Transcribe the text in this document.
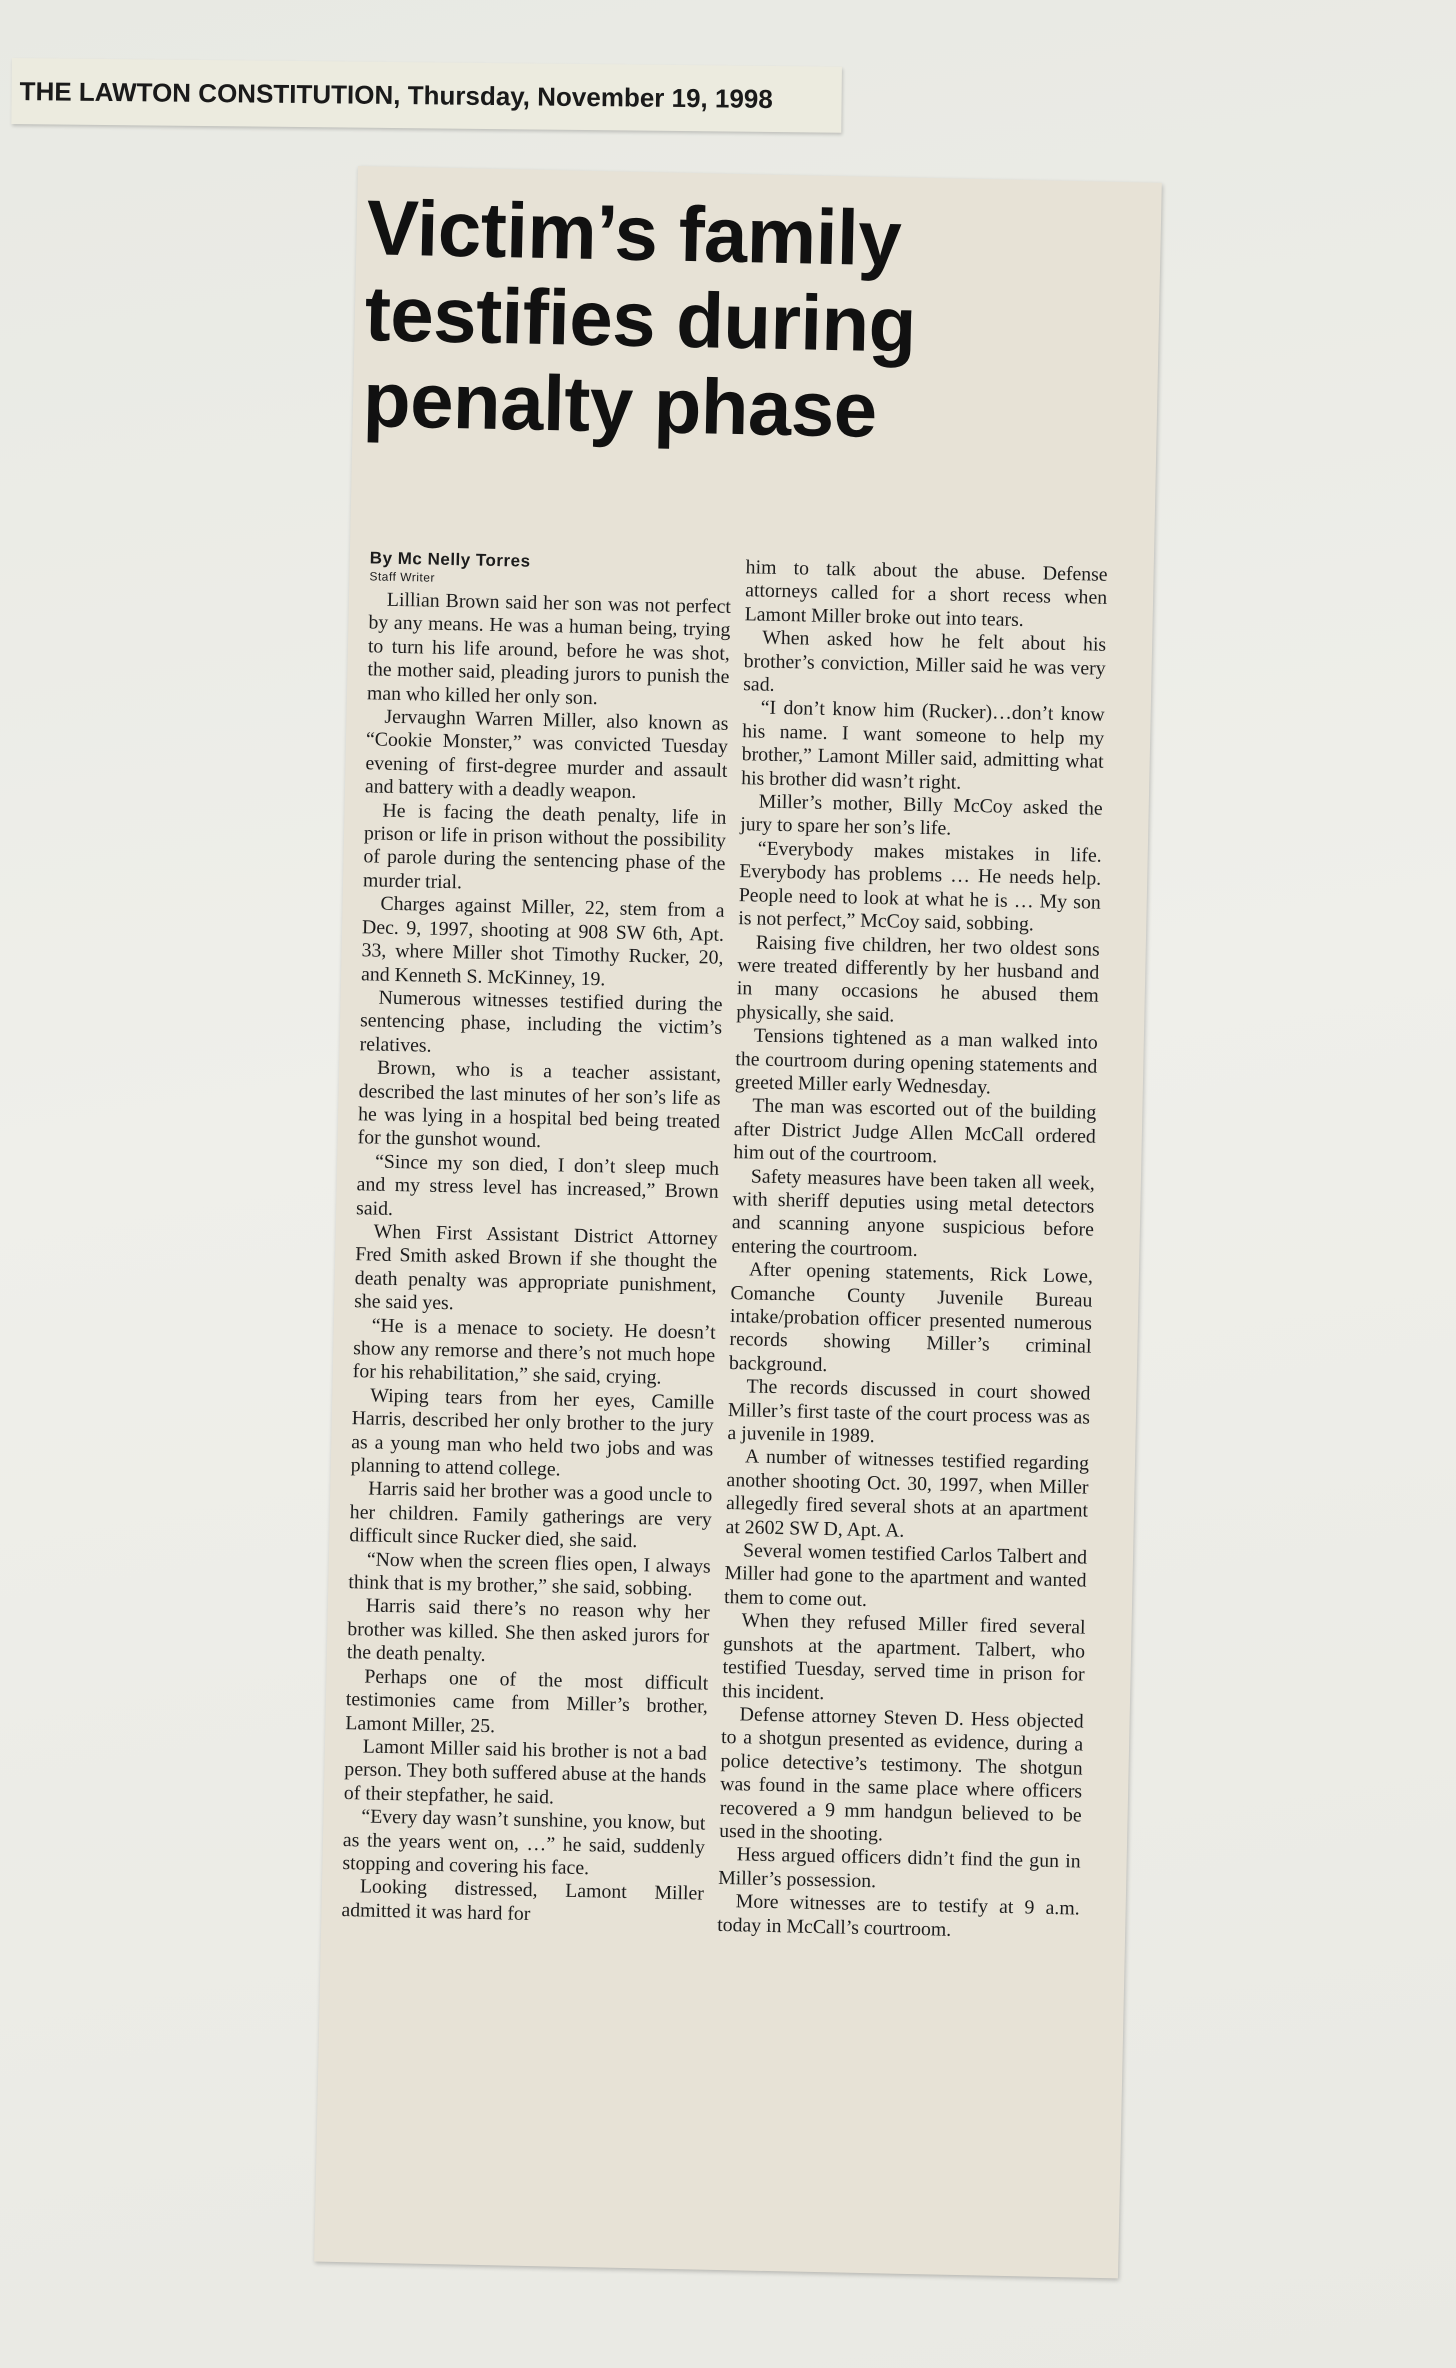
THE LAWTON CONSTITUTION, Thursday, November 19, 1998
Victim’s family testifies during penalty phase

By Mc Nelly Torres

Staff Writer

Lillian Brown said her son was not perfect by any means. He was a human being, trying to turn his life around, before he was shot, the mother said, pleading jurors to punish the man who killed her only son.

Jervaughn Warren Miller, also known as “Cookie Monster,” was convicted Tuesday evening of first-degree murder and assault and battery with a deadly weapon.

He is facing the death penalty, life in prison or life in prison without the possibility of parole during the sentencing phase of the murder trial.

Charges against Miller, 22, stem from a Dec. 9, 1997, shooting at 908 SW 6th, Apt. 33, where Miller shot Timothy Rucker, 20, and Kenneth S. McKinney, 19.

Numerous witnesses testified during the sentencing phase, including the victim’s relatives.

Brown, who is a teacher assistant, described the last minutes of her son’s life as he was lying in a hospital bed being treated for the gunshot wound.

“Since my son died, I don’t sleep much and my stress level has increased,” Brown said.

When First Assistant District Attorney Fred Smith asked Brown if she thought the death penalty was appropriate punishment, she said yes.

“He is a menace to society. He doesn’t show any remorse and there’s not much hope for his rehabilitation,” she said, crying.

Wiping tears from her eyes, Camille Harris, described her only brother to the jury as a young man who held two jobs and was planning to attend college.

Harris said her brother was a good uncle to her children. Family gatherings are very difficult since Rucker died, she said.

“Now when the screen flies open, I always think that is my brother,” she said, sobbing.

Harris said there’s no reason why her brother was killed. She then asked jurors for the death penalty.

Perhaps one of the most difficult testimonies came from Miller’s brother, Lamont Miller, 25.

Lamont Miller said his brother is not a bad person. They both suffered abuse at the hands of their stepfather, he said.

“Every day wasn’t sunshine, you know, but as the years went on, …” he said, suddenly stopping and covering his face.

Looking distressed, Lamont Miller admitted it was hard for

him to talk about the abuse. Defense attorneys called for a short recess when Lamont Miller broke out into tears.

When asked how he felt about his brother’s conviction, Miller said he was very sad.

“I don’t know him (Rucker)…don’t know his name. I want someone to help my brother,” Lamont Miller said, admitting what his brother did wasn’t right.

Miller’s mother, Billy McCoy asked the jury to spare her son’s life.

“Everybody makes mistakes in life. Everybody has problems … He needs help. People need to look at what he is … My son is not perfect,” McCoy said, sobbing.

Raising five children, her two oldest sons were treated differently by her husband and in many occasions he abused them physically, she said.

Tensions tightened as a man walked into the courtroom during opening statements and greeted Miller early Wednesday.

The man was escorted out of the building after District Judge Allen McCall ordered him out of the courtroom.

Safety measures have been taken all week, with sheriff deputies using metal detectors and scanning anyone suspicious before entering the courtroom.

After opening statements, Rick Lowe, Comanche County Juvenile Bureau intake/probation officer presented numerous records showing Miller’s criminal background.

The records discussed in court showed Miller’s first taste of the court process was as a juvenile in 1989.

A number of witnesses testified regarding another shooting Oct. 30, 1997, when Miller allegedly fired several shots at an apartment at 2602 SW D, Apt. A.

Several women testified Carlos Talbert and Miller had gone to the apartment and wanted them to come out.

When they refused Miller fired several gunshots at the apartment. Talbert, who testified Tuesday, served time in prison for this incident.

Defense attorney Steven D. Hess objected to a shotgun presented as evidence, during a police detective’s testimony. The shotgun was found in the same place where officers recovered a 9 mm handgun believed to be used in the shooting.

Hess argued officers didn’t find the gun in Miller’s possession.

More witnesses are to testify at 9 a.m. today in McCall’s courtroom.
